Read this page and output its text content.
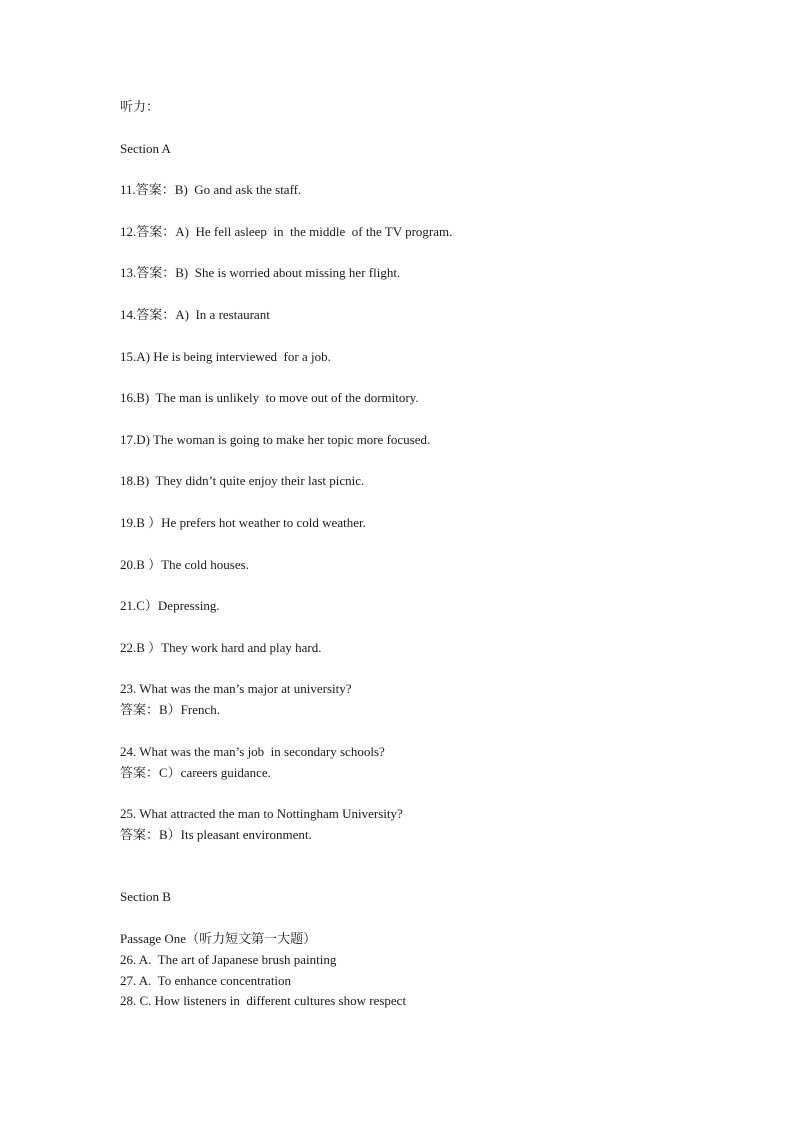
听力：
Section A
11.答案：B)  Go and ask the staff.
12.答案：A)  He fell asleep  in  the middle  of the TV program.
13.答案：B)  She is worried about missing her flight.
14.答案：A)  In a restaurant
15.A) He is being interviewed  for a job.
16.B)  The man is unlikely  to move out of the dormitory.
17.D) The woman is going to make her topic more focused.
18.B)  They didn’t quite enjoy their last picnic.
19.B ）He prefers hot weather to cold weather.
20.B ）The cold houses.
21.C）Depressing.
22.B ）They work hard and play hard.
23. What was the man’s major at university?
答案：B）French.
24. What was the man’s job  in secondary schools?
答案：C）careers guidance.
25. What attracted the man to Nottingham University?
答案：B）Its pleasant environment.
Section B
Passage One（听力短文第一大题）
26. A.  The art of Japanese brush painting
27. A.  To enhance concentration
28. C. How listeners in  different cultures show respect
